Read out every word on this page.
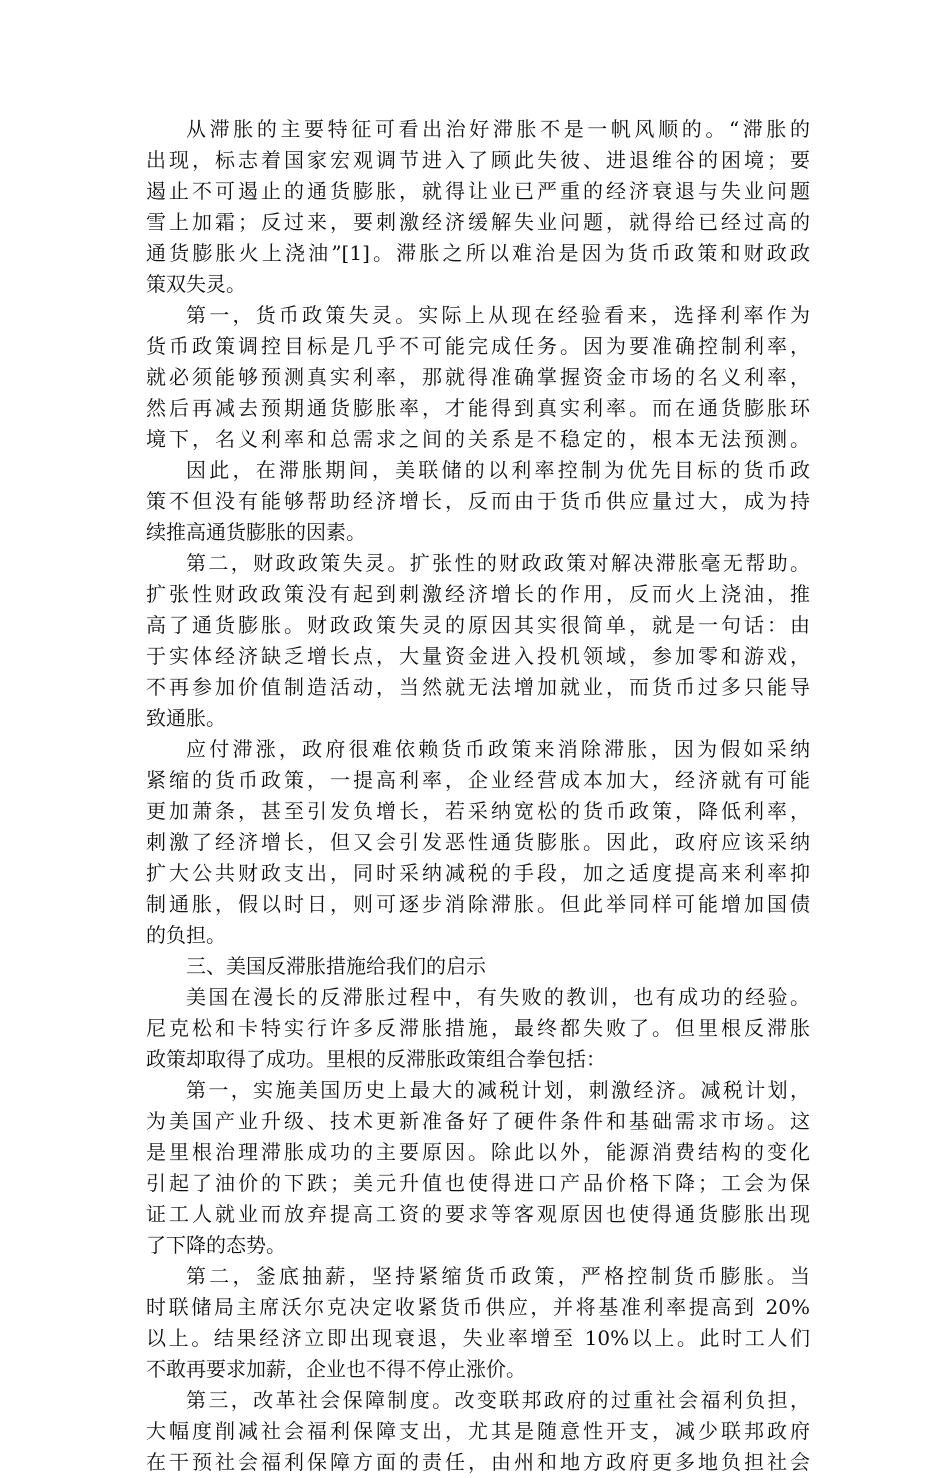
从滞胀的主要特征可看出治好滞胀不是一帆风顺的。“滞胀的
出现，标志着国家宏观调节进入了顾此失彼、进退维谷的困境；要
遏止不可遏止的通货膨胀，就得让业已严重的经济衰退与失业问题
雪上加霜；反过来，要刺激经济缓解失业问题，就得给已经过高的
通货膨胀火上浇油”[1]。滞胀之所以难治是因为货币政策和财政政
策双失灵。
第一，货币政策失灵。实际上从现在经验看来，选择利率作为
货币政策调控目标是几乎不可能完成任务。因为要准确控制利率，
就必须能够预测真实利率，那就得准确掌握资金市场的名义利率，
然后再减去预期通货膨胀率，才能得到真实利率。而在通货膨胀环
境下，名义利率和总需求之间的关系是不稳定的，根本无法预测。
因此，在滞胀期间，美联储的以利率控制为优先目标的货币政
策不但没有能够帮助经济增长，反而由于货币供应量过大，成为持
续推高通货膨胀的因素。
第二，财政政策失灵。扩张性的财政政策对解决滞胀毫无帮助。
扩张性财政政策没有起到刺激经济增长的作用，反而火上浇油，推
高了通货膨胀。财政政策失灵的原因其实很简单，就是一句话：由
于实体经济缺乏增长点，大量资金进入投机领域，参加零和游戏，
不再参加价值制造活动，当然就无法增加就业，而货币过多只能导
致通胀。
应付滞涨，政府很难依赖货币政策来消除滞胀，因为假如采纳
紧缩的货币政策，一提高利率，企业经营成本加大，经济就有可能
更加萧条，甚至引发负增长，若采纳宽松的货币政策，降低利率，
刺激了经济增长，但又会引发恶性通货膨胀。因此，政府应该采纳
扩大公共财政支出，同时采纳减税的手段，加之适度提高来利率抑
制通胀，假以时日，则可逐步消除滞胀。但此举同样可能增加国债
的负担。
三、美国反滞胀措施给我们的启示
美国在漫长的反滞胀过程中，有失败的教训，也有成功的经验。
尼克松和卡特实行许多反滞胀措施，最终都失败了。但里根反滞胀
政策却取得了成功。里根的反滞胀政策组合拳包括：
第一，实施美国历史上最大的减税计划，刺激经济。减税计划，
为美国产业升级、技术更新准备好了硬件条件和基础需求市场。这
是里根治理滞胀成功的主要原因。除此以外，能源消费结构的变化
引起了油价的下跌；美元升值也使得进口产品价格下降；工会为保
证工人就业而放弃提高工资的要求等客观原因也使得通货膨胀出现
了下降的态势。
第二，釜底抽薪，坚持紧缩货币政策，严格控制货币膨胀。当
时联储局主席沃尔克决定收紧货币供应，并将基准利率提高到 20%
以上。结果经济立即出现衰退，失业率增至 10%以上。此时工人们
不敢再要求加薪，企业也不得不停止涨价。
第三，改革社会保障制度。改变联邦政府的过重社会福利负担，
大幅度削减社会福利保障支出，尤其是随意性开支，减少联邦政府
在干预社会福利保障方面的责任，由州和地方政府更多地负担社会
